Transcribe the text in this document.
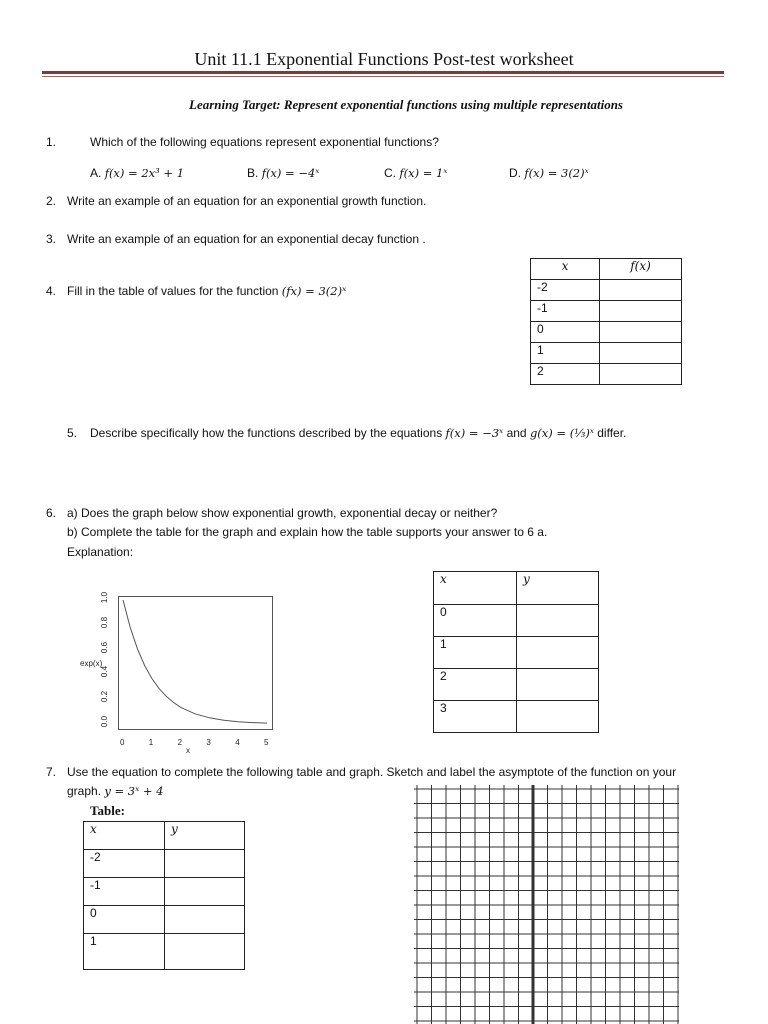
Unit 11.1 Exponential Functions Post-test worksheet
Learning Target: Represent exponential functions using multiple representations
1.	Which of the following equations represent exponential functions?
A. f(x) = 2x³ + 1	B. f(x) = −4ˣ	C. f(x) = 1ˣ	D. f(x) = 3(2)ˣ
2. Write an example of an equation for an exponential growth function.
3. Write an example of an equation for an exponential decay function .
4. Fill in the table of values for the function (fx) = 3(2)ˣ
x	f(x)
-2	
-1	
0	
1	
2	
5. Describe specifically how the functions described by the equations f(x) = −3ˣ and g(x) = (⅓)ˣ differ.
6. a) Does the graph below show exponential growth, exponential decay or neither?
b) Complete the table for the graph and explain how the table supports your answer to 6 a.
Explanation:
exp(x)
x
0	1	2	3	4	5
0.0
0.2
0.4
0.6
0.8
1.0
x	y
0	
1	
2	
3	
7. Use the equation to complete the following table and graph. Sketch and label the asymptote of the function on your
graph. y = 3ˣ + 4
Table:
x	y
-2	
-1	
0	
1	
